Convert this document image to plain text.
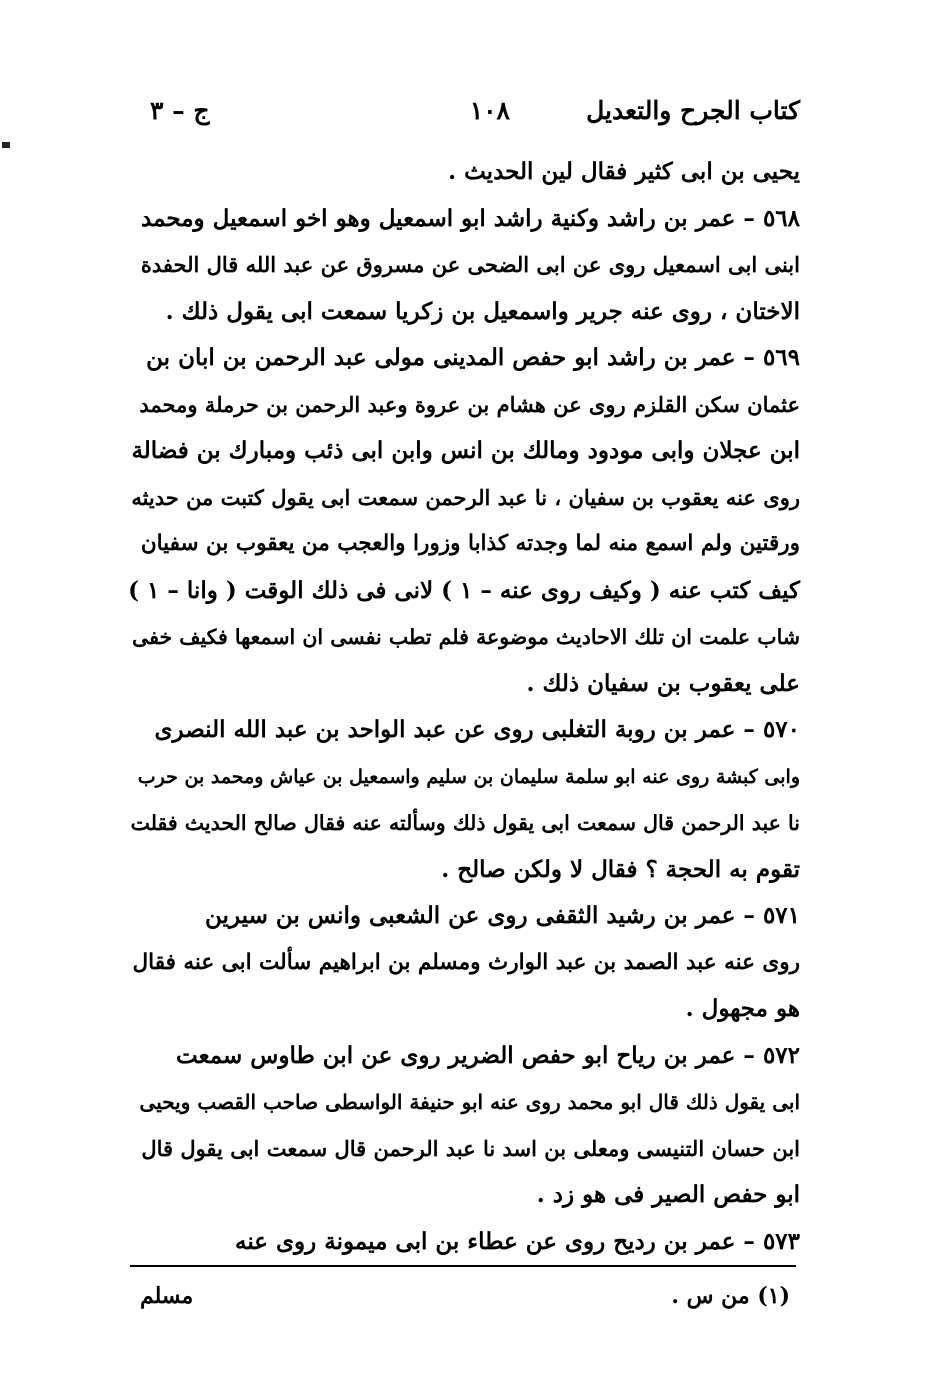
كتاب الجرح والتعديل
١٠٨
ج – ٣
يحيى بن ابى كثير فقال لين الحديث .
٥٦٨ – عمر بن راشد وكنية راشد ابو اسمعيل وهو اخو اسمعيل ومحمد
ابنى ابى اسمعيل روى عن ابى الضحى عن مسروق عن عبد الله قال الحفدة
الاختان ، روى عنه جرير واسمعيل بن زكريا سمعت ابى يقول ذلك .
٥٦٩ – عمر بن راشد ابو حفص المدينى مولى عبد الرحمن بن ابان بن
عثمان سكن القلزم روى عن هشام بن عروة وعبد الرحمن بن حرملة ومحمد
ابن عجلان وابى مودود ومالك بن انس وابن ابى ذئب ومبارك بن فضالة
روى عنه يعقوب بن سفيان ، نا عبد الرحمن سمعت ابى يقول كتبت من حديثه
ورقتين ولم اسمع منه لما وجدته كذابا وزورا والعجب من يعقوب بن سفيان
كيف كتب عنه ( وكيف روى عنه – ١ ) لانى فى ذلك الوقت ( وانا – ١ )
شاب علمت ان تلك الاحاديث موضوعة فلم تطب نفسى ان اسمعها فكيف خفى
على يعقوب بن سفيان ذلك .
٥٧٠ – عمر بن روبة التغلبى روى عن عبد الواحد بن عبد الله النصرى
وابى كبشة روى عنه ابو سلمة سليمان بن سليم واسمعيل بن عياش ومحمد بن حرب
نا عبد الرحمن قال سمعت ابى يقول ذلك وسألته عنه فقال صالح الحديث فقلت
تقوم به الحجة ؟ فقال لا ولكن صالح .
٥٧١ – عمر بن رشيد الثقفى روى عن الشعبى وانس بن سيرين
روى عنه عبد الصمد بن عبد الوارث ومسلم بن ابراهيم سألت ابى عنه فقال
هو مجهول .
٥٧٢ – عمر بن رياح ابو حفص الضرير روى عن ابن طاوس سمعت
ابى يقول ذلك قال ابو محمد روى عنه ابو حنيفة الواسطى صاحب القصب ويحيى
ابن حسان التنيسى ومعلى بن اسد نا عبد الرحمن قال سمعت ابى يقول قال
ابو حفص الصير فى هو زد .
٥٧٣ – عمر بن رديح روى عن عطاء بن ابى ميمونة روى عنه
(١) من س .
مسلم
